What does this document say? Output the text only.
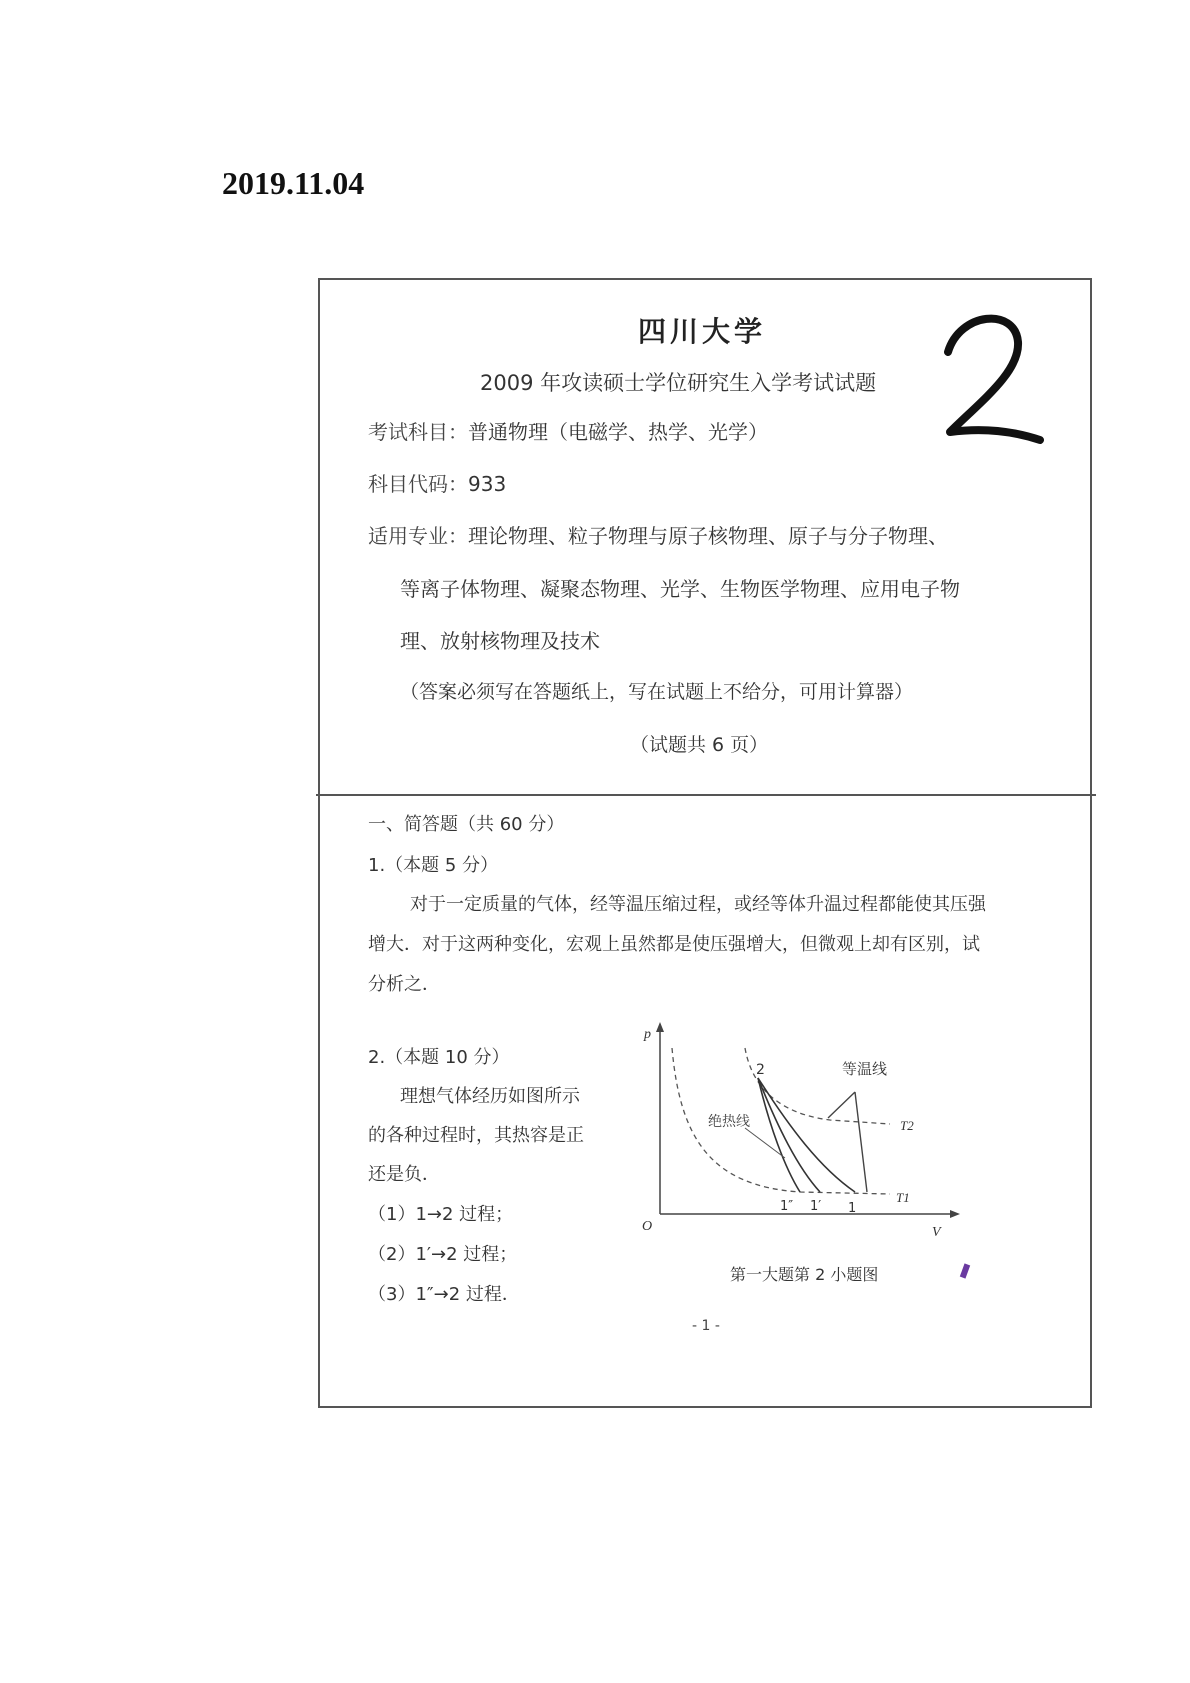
2019.11.04
四川大学
2009 年攻读硕士学位研究生入学考试试题
考试科目：普通物理（电磁学、热学、光学）
科目代码：933
适用专业：理论物理、粒子物理与原子核物理、原子与分子物理、
等离子体物理、凝聚态物理、光学、生物医学物理、应用电子物
理、放射核物理及技术
（答案必须写在答题纸上，写在试题上不给分，可用计算器）
（试题共 6 页）
一、简答题（共 60 分）
1.（本题 5 分）
对于一定质量的气体，经等温压缩过程，或经等体升温过程都能使其压强
增大．对于这两种变化，宏观上虽然都是使压强增大，但微观上却有区别，试
分析之．
2.（本题 10 分）
理想气体经历如图所示
的各种过程时，其热容是正
还是负．
（1）1→2 过程；
（2）1′→2 过程；
（3）1″→2 过程．
p
V
O
2	等温线
绝热线	T2
T1
1″ 1′ 1
第一大题第 2 小题图
- 1 -
